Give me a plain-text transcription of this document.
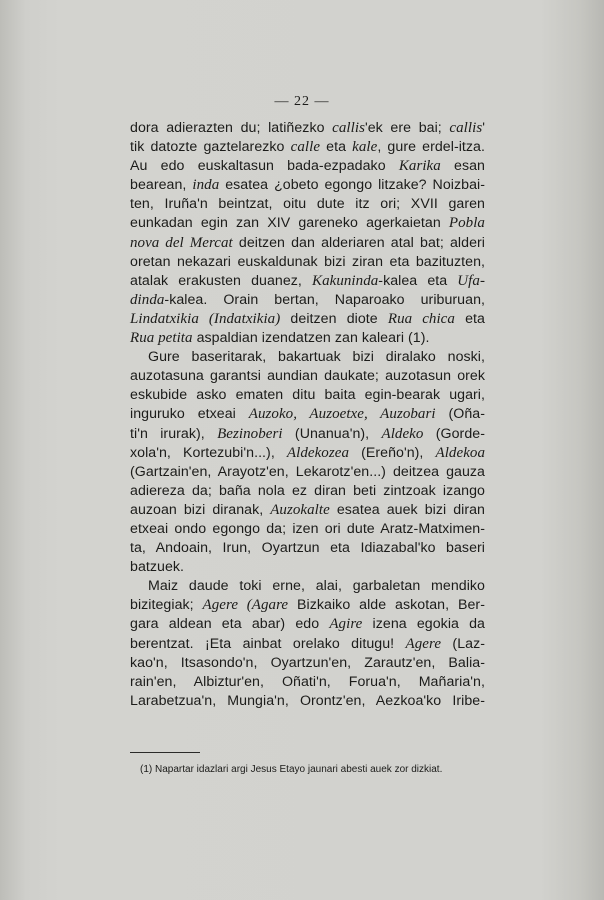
— 22 —
dora adierazten du; latiñezko callis'ek ere bai; callis'
tik datozte gaztelarezko calle eta kale, gure erdel-itza.
Au edo euskaltasun bada-ezpadako Karika esan
bearean, inda esatea ¿obeto egongo litzake? Noizbai-
ten, Iruña'n beintzat, oitu dute itz ori; XVII garen
eunkadan egin zan XIV gareneko agerkaietan Pobla
nova del Mercat deitzen dan alderiaren atal bat; alderi
oretan nekazari euskaldunak bizi ziran eta bazituzten,
atalak erakusten duanez, Kakuninda-kalea eta Ufa-
dinda-kalea. Orain bertan, Naparoako uriburuan,
Lindatxikia (Indatxikia) deitzen diote Rua chica eta
Rua petita aspaldian izendatzen zan kaleari (1).
Gure baseritarak, bakartuak bizi diralako noski,
auzotasuna garantsi aundian daukate; auzotasun orek
eskubide asko ematen ditu baita egin-bearak ugari,
inguruko etxeai Auzoko, Auzoetxe, Auzobari (Oña-
ti'n irurak), Bezinoberi (Unanua'n), Aldeko (Gorde-
xola'n, Kortezubi'n...), Aldekozea (Ereño'n), Aldekoa
(Gartzain'en, Arayotz'en, Lekarotz'en...) deitzea gauza
adiereza da; baña nola ez diran beti zintzoak izango
auzoan bizi diranak, Auzokalte esatea auek bizi diran
etxeai ondo egongo da; izen ori dute Aratz-Matximen-
ta, Andoain, Irun, Oyartzun eta Idiazabal'ko baseri
batzuek.
Maiz daude toki erne, alai, garbaletan mendiko
bizitegiak; Agere (Agare Bizkaiko alde askotan, Ber-
gara aldean eta abar) edo Agire izena egokia da
berentzat. ¡Eta ainbat orelako ditugu! Agere (Laz-
kao'n, Itsasondo'n, Oyartzun'en, Zarautz'en, Balia-
rain'en, Albiztur'en, Oñati'n, Forua'n, Mañaria'n,
Larabetzua'n, Mungia'n, Orontz'en, Aezkoa'ko Iribe-
(1) Napartar idazlari argi Jesus Etayo jaunari abesti auek zor dizkiat.
